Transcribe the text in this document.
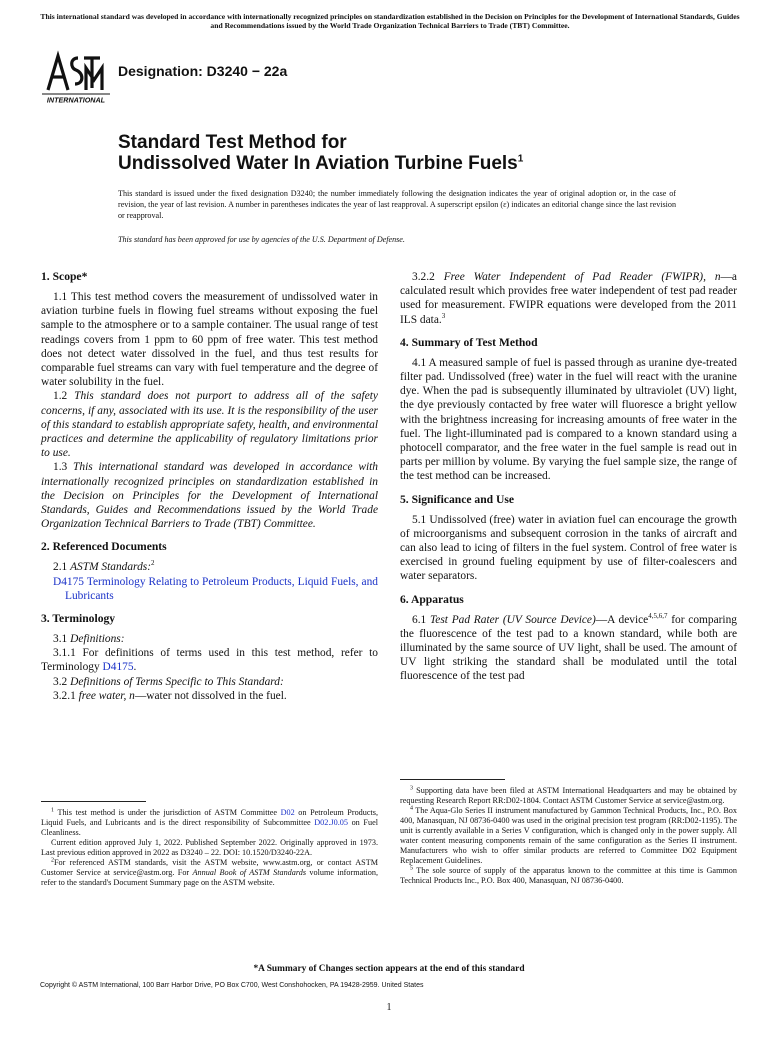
This international standard was developed in accordance with internationally recognized principles on standardization established in the Decision on Principles for the Development of International Standards, Guides and Recommendations issued by the World Trade Organization Technical Barriers to Trade (TBT) Committee.
INTERNATIONAL
Designation: D3240 − 22a
Standard Test Method for
Undissolved Water In Aviation Turbine Fuels$^1$
This standard is issued under the fixed designation D3240; the number immediately following the designation indicates the year of original adoption or, in the case of revision, the year of last revision. A number in parentheses indicates the year of last reapproval. A superscript epsilon (ε) indicates an editorial change since the last revision or reapproval.
This standard has been approved for use by agencies of the U.S. Department of Defense.
1. Scope*

1.1 This test method covers the measurement of undissolved water in aviation turbine fuels in flowing fuel streams without exposing the fuel sample to the atmosphere or to a sample container. The usual range of test readings covers from 1 ppm to 60 ppm of free water. This test method does not detect water dissolved in the fuel, and thus test results for comparable fuel streams can vary with fuel temperature and the degree of water solubility in the fuel.

1.2 This standard does not purport to address all of the safety concerns, if any, associated with its use. It is the responsibility of the user of this standard to establish appropriate safety, health, and environmental practices and determine the applicability of regulatory limitations prior to use.

1.3 This international standard was developed in accordance with internationally recognized principles on standardization established in the Decision on Principles for the Development of International Standards, Guides and Recommendations issued by the World Trade Organization Technical Barriers to Trade (TBT) Committee.

2. Referenced Documents

2.1 ASTM Standards:$^2$

D4175 Terminology Relating to Petroleum Products, Liquid Fuels, and Lubricants

3. Terminology

3.1 Definitions:

3.1.1 For definitions of terms used in this test method, refer to Terminology D4175.

3.2 Definitions of Terms Specific to This Standard:

3.2.1 free water, n—water not dissolved in the fuel.

$^1$ This test method is under the jurisdiction of ASTM Committee D02 on Petroleum Products, Liquid Fuels, and Lubricants and is the direct responsibility of Subcommittee D02.J0.05 on Fuel Cleanliness.

Current edition approved July 1, 2022. Published September 2022. Originally approved in 1973. Last previous edition approved in 2022 as D3240 – 22. DOI: 10.1520/D3240-22A.

$^2$For referenced ASTM standards, visit the ASTM website, www.astm.org, or contact ASTM Customer Service at service@astm.org. For Annual Book of ASTM Standards volume information, refer to the standard's Document Summary page on the ASTM website.

3.2.2 Free Water Independent of Pad Reader (FWIPR), n—a calculated result which provides free water independent of test pad reader used for measurement. FWIPR equations were developed from the 2011 ILS data.$^3$

4. Summary of Test Method

4.1 A measured sample of fuel is passed through as uranine dye-treated filter pad. Undissolved (free) water in the fuel will react with the uranine dye. When the pad is subsequently illuminated by ultraviolet (UV) light, the dye previously contacted by free water will fluoresce a bright yellow with the brightness increasing for increasing amounts of free water in the fuel. The light-illuminated pad is compared to a known standard using a photocell comparator, and the free water in the fuel sample is read out in parts per million by volume. By varying the fuel sample size, the range of the test method can be increased.

5. Significance and Use

5.1 Undissolved (free) water in aviation fuel can encourage the growth of microorganisms and subsequent corrosion in the tanks of aircraft and can also lead to icing of filters in the fuel system. Control of free water is exercised in ground fueling equipment by use of filter-coalescers and water separators.

6. Apparatus

6.1 Test Pad Rater (UV Source Device)—A device$^{4,5,6,7}$ for comparing the fluorescence of the test pad to a known standard, while both are illuminated by the same source of UV light, shall be used. The amount of UV light striking the standard shall be modulated until the total fluorescence of the test pad

$^3$ Supporting data have been filed at ASTM International Headquarters and may be obtained by requesting Research Report RR:D02-1804. Contact ASTM Customer Service at service@astm.org.

$^4$ The Aqua-Glo Series II instrument manufactured by Gammon Technical Products, Inc., P.O. Box 400, Manasquan, NJ 08736-0400 was used in the original precision test program (RR:D02-1195). The unit is currently available in a Series V configuration, which is changed only in the power supply. All water content measuring components remain of the same configuration as the Series II instrument. Manufacturers who wish to offer similar products are referred to Committee D02 Equipment Replacement Guidelines.

$^5$ The sole source of supply of the apparatus known to the committee at this time is Gammon Technical Products Inc., P.O. Box 400, Manasquan, NJ 08736-0400.

*A Summary of Changes section appears at the end of this standard
Copyright © ASTM International, 100 Barr Harbor Drive, PO Box C700, West Conshohocken, PA 19428-2959. United States
1
